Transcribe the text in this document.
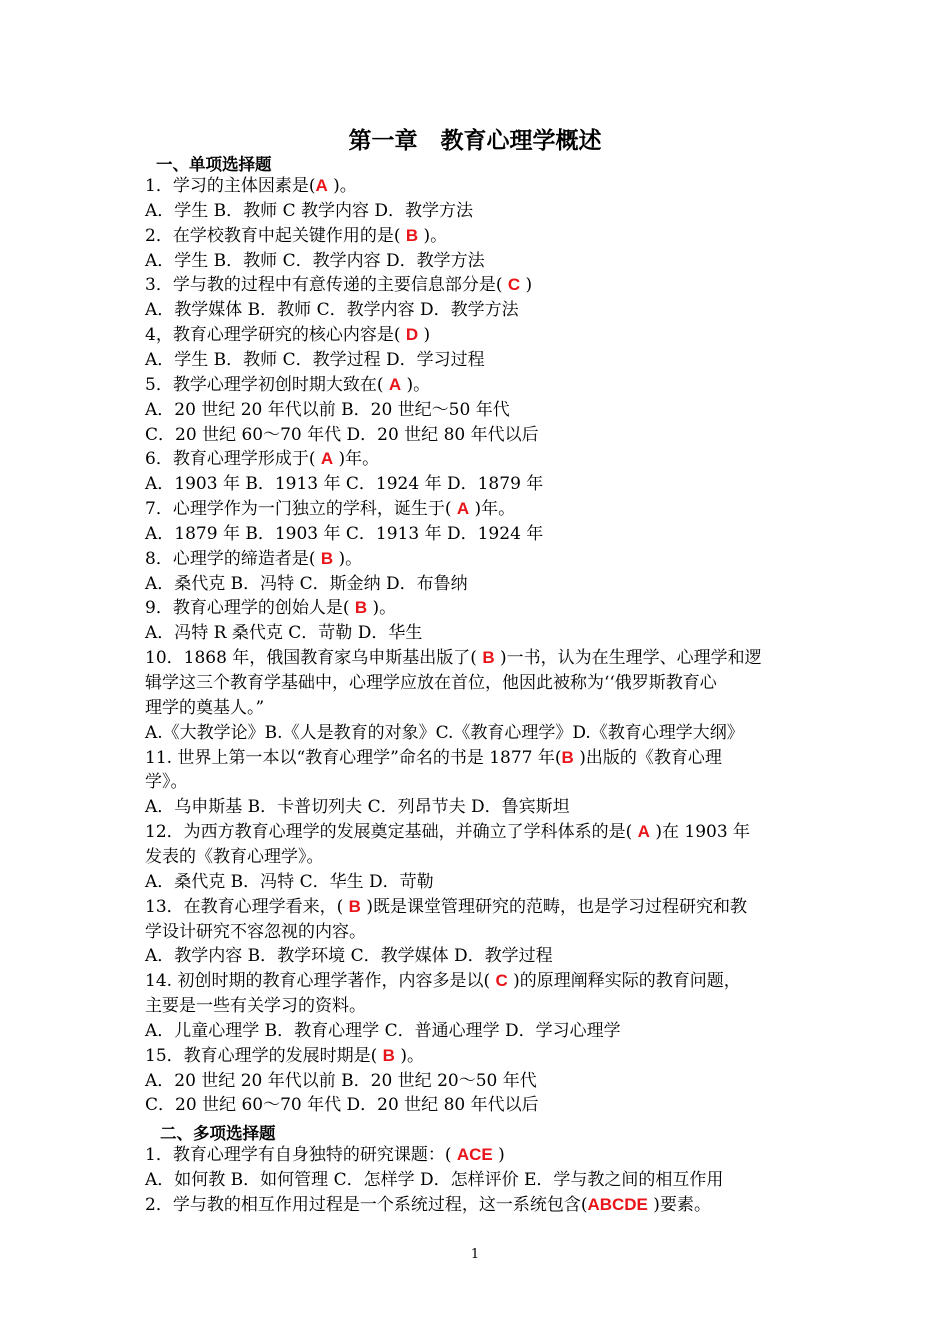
第一章　教育心理学概述
一、单项选择题
1．学习的主体因素是(A )。
A．学生 B．教师 C 教学内容 D．教学方法
2．在学校教育中起关键作用的是( B )。
A．学生 B．教师 C．教学内容 D．教学方法
3．学与教的过程中有意传递的主要信息部分是( C )
A．教学媒体 B．教师 C．教学内容 D．教学方法
4，教育心理学研究的核心内容是( D )
A．学生 B．教师 C．教学过程 D．学习过程
5．教学心理学初创时期大致在( A )。
A．20 世纪 20 年代以前 B．20 世纪～50 年代
C．20 世纪 60～70 年代 D．20 世纪 80 年代以后
6．教育心理学形成于( A )年。
A．1903 年 B．1913 年 C．1924 年 D．1879 年
7．心理学作为一门独立的学科，诞生于( A )年。
A．1879 年 B．1903 年 C．1913 年 D．1924 年
8．心理学的缔造者是( B )。
A．桑代克 B．冯特 C．斯金纳 D．布鲁纳
9．教育心理学的创始人是( B )。
A．冯特 R 桑代克 C．苛勒 D．华生
10．1868 年，俄国教育家乌申斯基出版了( B )一书，认为在生理学、心理学和逻
辑学这三个教育学基础中，心理学应放在首位，他因此被称为‘‘俄罗斯教育心
理学的奠基人。”
A.《大教学论》B.《人是教育的对象》C.《教育心理学》D.《教育心理学大纲》
11. 世界上第一本以“教育心理学”命名的书是 1877 年(B )出版的《教育心理
学》。
A．乌申斯基 B．卡普切列夫 C．列昂节夫 D．鲁宾斯坦
12．为西方教育心理学的发展奠定基础，并确立了学科体系的是( A )在 1903 年
发表的《教育心理学》。
A．桑代克 B．冯特 C．华生 D．苛勒
13．在教育心理学看来，( B )既是课堂管理研究的范畴，也是学习过程研究和教
学设计研究不容忽视的内容。
A．教学内容 B．教学环境 C．教学媒体 D．教学过程
14. 初创时期的教育心理学著作，内容多是以( C )的原理阐释实际的教育问题，
主要是一些有关学习的资料。
A．儿童心理学 B．教育心理学 C．普通心理学 D．学习心理学
15．教育心理学的发展时期是( B )。
A．20 世纪 20 年代以前 B．20 世纪 20～50 年代
C．20 世纪 60～70 年代 D．20 世纪 80 年代以后
二、多项选择题
1．教育心理学有自身独特的研究课题：( ACE )
A．如何教 B．如何管理 C．怎样学 D．怎样评价 E．学与教之间的相互作用
2．学与教的相互作用过程是一个系统过程，这一系统包含(ABCDE )要素。
1
